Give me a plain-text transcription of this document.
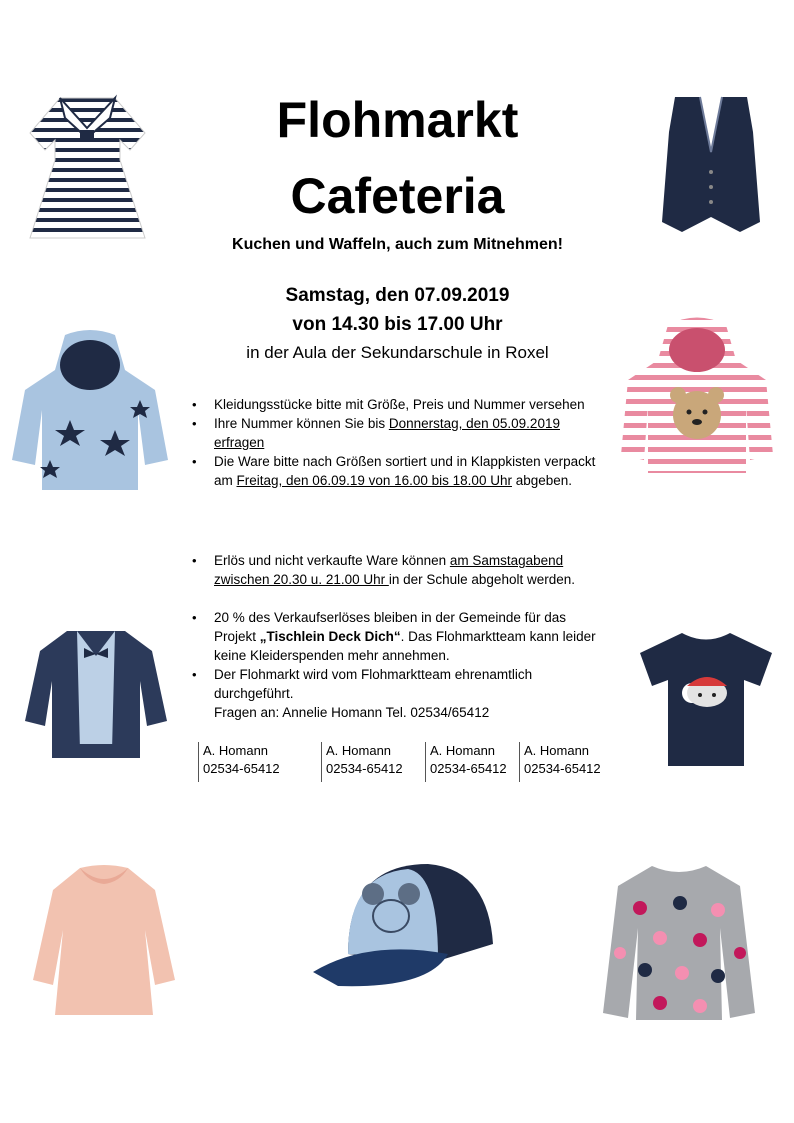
Flohmarkt
Cafeteria
Kuchen und Waffeln, auch zum Mitnehmen!
Samstag, den 07.09.2019
von 14.30 bis 17.00 Uhr
in der Aula der Sekundarschule in Roxel
• Kleidungsstücke bitte mit Größe, Preis und Nummer versehen
• Ihre Nummer können Sie bis Donnerstag, den 05.09.2019 erfragen
• Die Ware bitte nach Größen sortiert und in Klappkisten verpackt am Freitag, den 06.09.19 von 16.00 bis 18.00 Uhr abgeben.
• Erlös und nicht verkaufte Ware können am Samstagabend zwischen 20.30 u. 21.00 Uhr in der Schule abgeholt werden.
• 20 % des Verkaufserlöses bleiben in der Gemeinde für das Projekt „Tischlein Deck Dich“. Das Flohmarktteam kann leider keine Kleiderspenden mehr annehmen.
• Der Flohmarkt wird vom Flohmarktteam ehrenamtlich durchgeführt.
Fragen an: Annelie Homann Tel. 02534/65412
A. Homann
02534-65412
A. Homann
02534-65412
A. Homann
02534-65412
A. Homann
02534-65412
